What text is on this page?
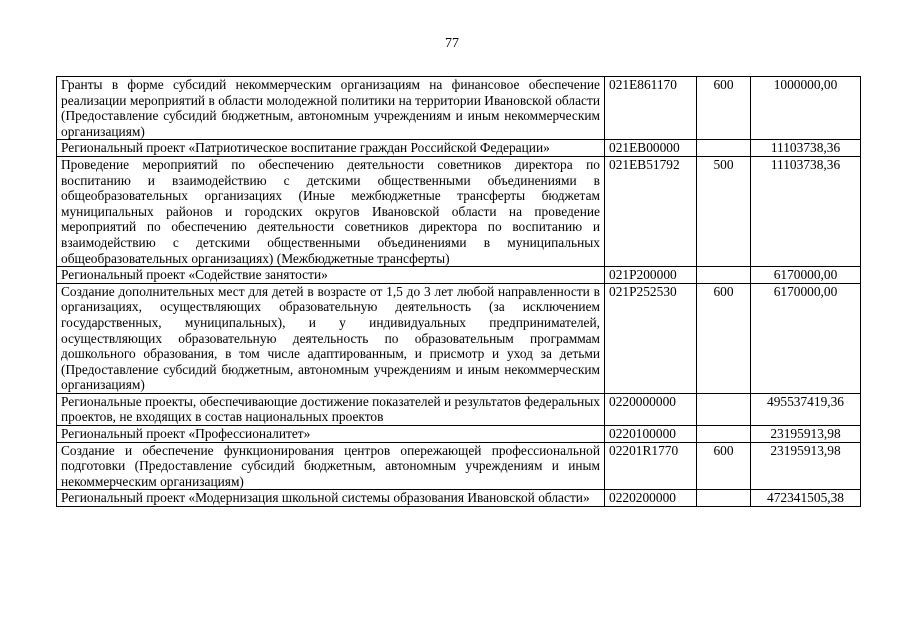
77
Гранты в форме субсидий некоммерческим организациям на финансовое обеспечение реализации мероприятий в области молодежной политики на территории Ивановской области (Предоставление субсидий бюджетным, автономным учреждениям и иным некоммерческим организациям)	021E861170	600	1000000,00
Региональный проект «Патриотическое воспитание граждан Российской Федерации»	021EB00000		11103738,36
Проведение мероприятий по обеспечению деятельности советников директора по воспитанию и взаимодействию с детскими общественными объединениями в общеобразовательных организациях (Иные межбюджетные трансферты бюджетам муниципальных районов и городских округов Ивановской области на проведение мероприятий по обеспечению деятельности советников директора по воспитанию и взаимодействию с детскими общественными объединениями в муниципальных общеобразовательных организациях) (Межбюджетные трансферты)	021EB51792	500	11103738,36
Региональный проект «Содействие занятости»	021P200000		6170000,00
Создание дополнительных мест для детей в возрасте от 1,5 до 3 лет любой направленности в организациях, осуществляющих образовательную деятельность (за исключением государственных, муниципальных), и у индивидуальных предпринимателей, осуществляющих образовательную деятельность по образовательным программам дошкольного образования, в том числе адаптированным, и присмотр и уход за детьми (Предоставление субсидий бюджетным, автономным учреждениям и иным некоммерческим организациям)	021P252530	600	6170000,00
Региональные проекты, обеспечивающие достижение показателей и результатов федеральных проектов, не входящих в состав национальных проектов	0220000000		495537419,36
Региональный проект «Профессионалитет»	0220100000		23195913,98
Создание и обеспечение функционирования центров опережающей профессиональной подготовки (Предоставление субсидий бюджетным, автономным учреждениям и иным некоммерческим организациям)	02201R1770	600	23195913,98
Региональный проект «Модернизация школьной системы образования Ивановской области»	0220200000		472341505,38
